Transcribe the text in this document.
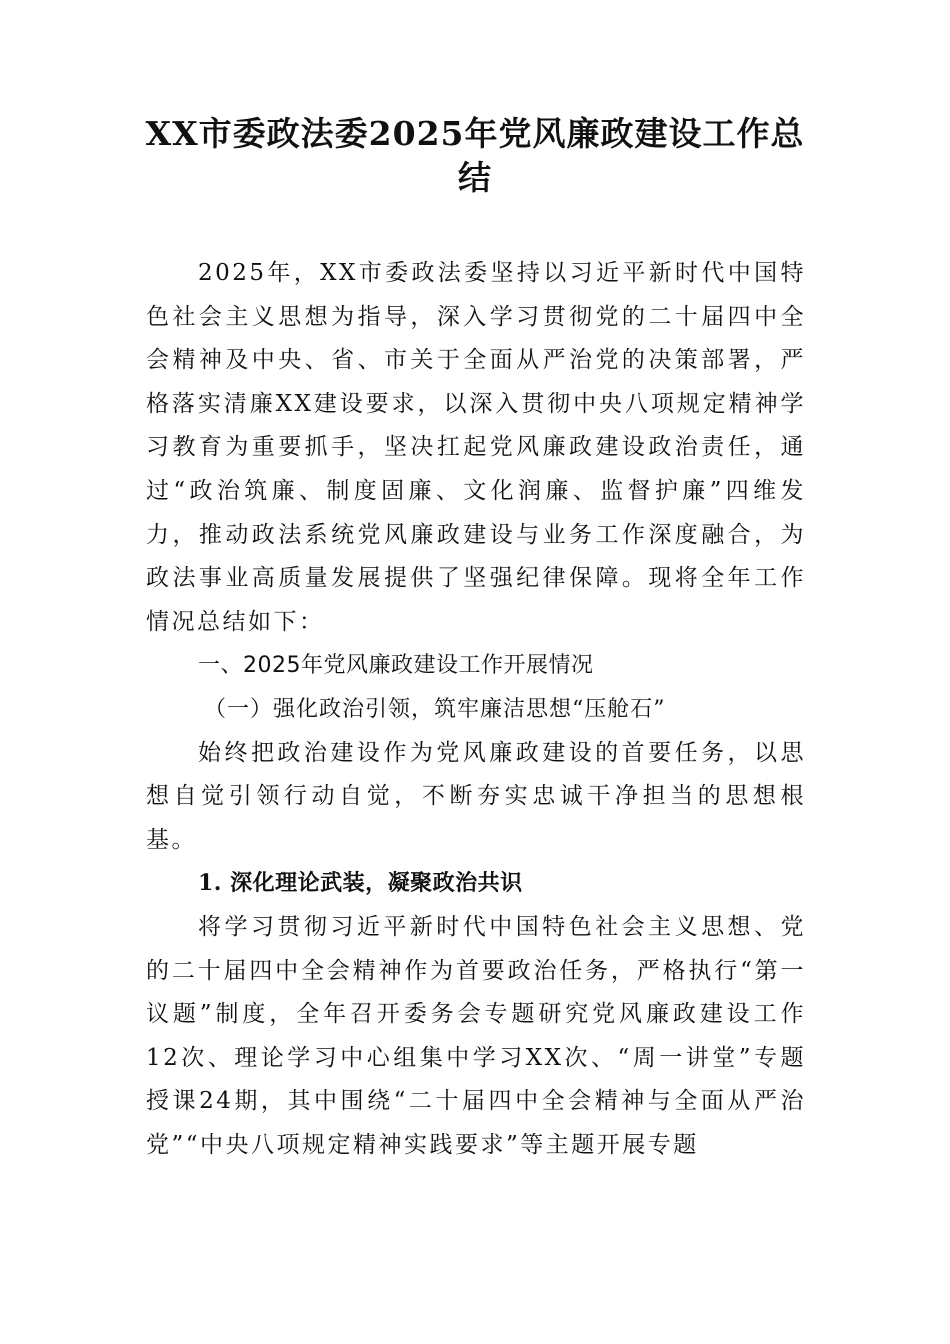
XX市委政法委2025年党风廉政建设工作总结

2025年，XX市委政法委坚持以习近平新时代中国特色社会主义思想为指导，深入学习贯彻党的二十届四中全会精神及中央、省、市关于全面从严治党的决策部署，严格落实清廉XX建设要求，以深入贯彻中央八项规定精神学习教育为重要抓手，坚决扛起党风廉政建设政治责任，通过“政治筑廉、制度固廉、文化润廉、监督护廉”四维发力，推动政法系统党风廉政建设与业务工作深度融合，为政法事业高质量发展提供了坚强纪律保障。现将全年工作情况总结如下：

一、2025年党风廉政建设工作开展情况

（一）强化政治引领，筑牢廉洁思想“压舱石”

始终把政治建设作为党风廉政建设的首要任务，以思想自觉引领行动自觉，不断夯实忠诚干净担当的思想根基。

1. 深化理论武装，凝聚政治共识

将学习贯彻习近平新时代中国特色社会主义思想、党的二十届四中全会精神作为首要政治任务，严格执行“第一议题”制度，全年召开委务会专题研究党风廉政建设工作12次、理论学习中心组集中学习XX次、“周一讲堂”专题授课24期，其中围绕“二十届四中全会精神与全面从严治党”“中央八项规定精神实践要求”等主题开展专题
